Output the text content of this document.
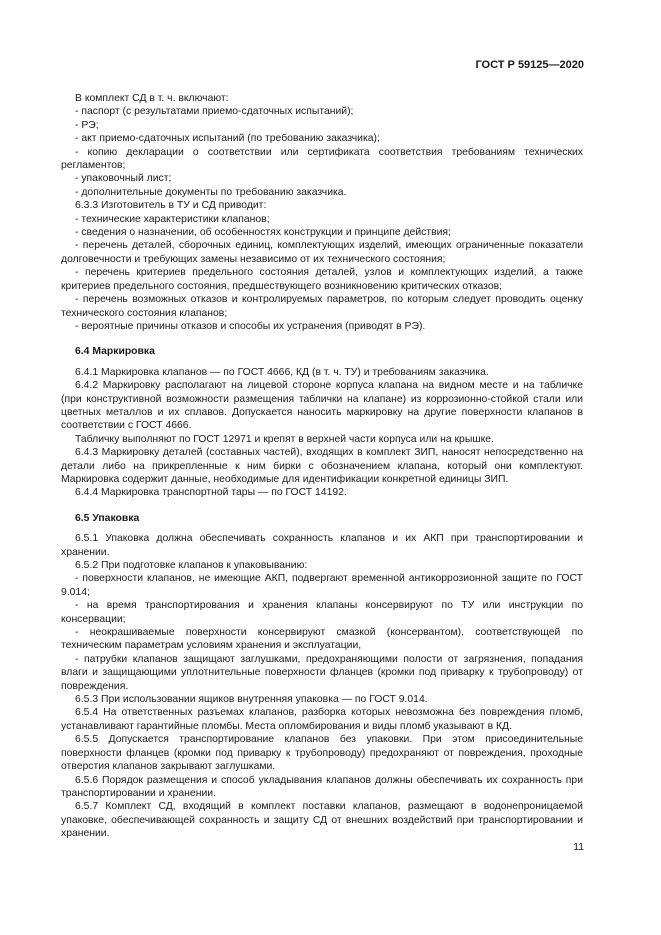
ГОСТ Р 59125—2020

В комплект СД в т. ч. включают:

- паспорт (с результатами приемо-сдаточных испытаний);

- РЭ;

- акт приемо-сдаточных испытаний (по требованию заказчика);

- копию декларации о соответствии или сертификата соответствия требованиям технических регламентов;

- упаковочный лист;

- дополнительные документы по требованию заказчика.

6.3.3 Изготовитель в ТУ и СД приводит:

- технические характеристики клапанов;

- сведения о назначении, об особенностях конструкции и принципе действия;

- перечень деталей, сборочных единиц, комплектующих изделий, имеющих ограниченные показатели долговечности и требующих замены независимо от их технического состояния;

- перечень критериев предельного состояния деталей, узлов и комплектующих изделий, а также критериев предельного состояния, предшествующего возникновению критических отказов;

- перечень возможных отказов и контролируемых параметров, по которым следует проводить оценку технического состояния клапанов;

- вероятные причины отказов и способы их устранения (приводят в РЭ).

6.4 Маркировка

6.4.1 Маркировка клапанов — по ГОСТ 4666, КД (в т. ч. ТУ) и требованиям заказчика.

6.4.2 Маркировку располагают на лицевой стороне корпуса клапана на видном месте и на табличке (при конструктивной возможности размещения таблички на клапане) из коррозионно-стойкой стали или цветных металлов и их сплавов. Допускается наносить маркировку на другие поверхности клапанов в соответствии с ГОСТ 4666.

Табличку выполняют по ГОСТ 12971 и крепят в верхней части корпуса или на крышке.

6.4.3 Маркировку деталей (составных частей), входящих в комплект ЗИП, наносят непосредственно на детали либо на прикрепленные к ним бирки с обозначением клапана, который они комплектуют. Маркировка содержит данные, необходимые для идентификации конкретной единицы ЗИП.

6.4.4 Маркировка транспортной тары — по ГОСТ 14192.

6.5 Упаковка

6.5.1 Упаковка должна обеспечивать сохранность клапанов и их АКП при транспортировании и хранении.

6.5.2 При подготовке клапанов к упаковыванию:

- поверхности клапанов, не имеющие АКП, подвергают временной антикоррозионной защите по ГОСТ 9.014;

- на время транспортирования и хранения клапаны консервируют по ТУ или инструкции по консервации;

- неокрашиваемые поверхности консервируют смазкой (консервантом), соответствующей по техническим параметрам условиям хранения и эксплуатации,

- патрубки клапанов защищают заглушками, предохраняющими полости от загрязнения, попадания влаги и защищающими уплотнительные поверхности фланцев (кромки под приварку к трубопроводу) от повреждения.

6.5.3 При использовании ящиков внутренняя упаковка — по ГОСТ 9.014.

6.5.4 На ответственных разъемах клапанов, разборка которых невозможна без повреждения пломб, устанавливают гарантийные пломбы. Места опломбирования и виды пломб указывают в КД.

6.5.5 Допускается транспортирование клапанов без упаковки. При этом присоединительные поверхности фланцев (кромки под приварку к трубопроводу) предохраняют от повреждения, проходные отверстия клапанов закрывают заглушками.

6.5.6 Порядок размещения и способ укладывания клапанов должны обеспечивать их сохранность при транспортировании и хранении.

6.5.7 Комплект СД, входящий в комплект поставки клапанов, размещают в водонепроницаемой упаковке, обеспечивающей сохранность и защиту СД от внешних воздействий при транспортировании и хранении.

11
